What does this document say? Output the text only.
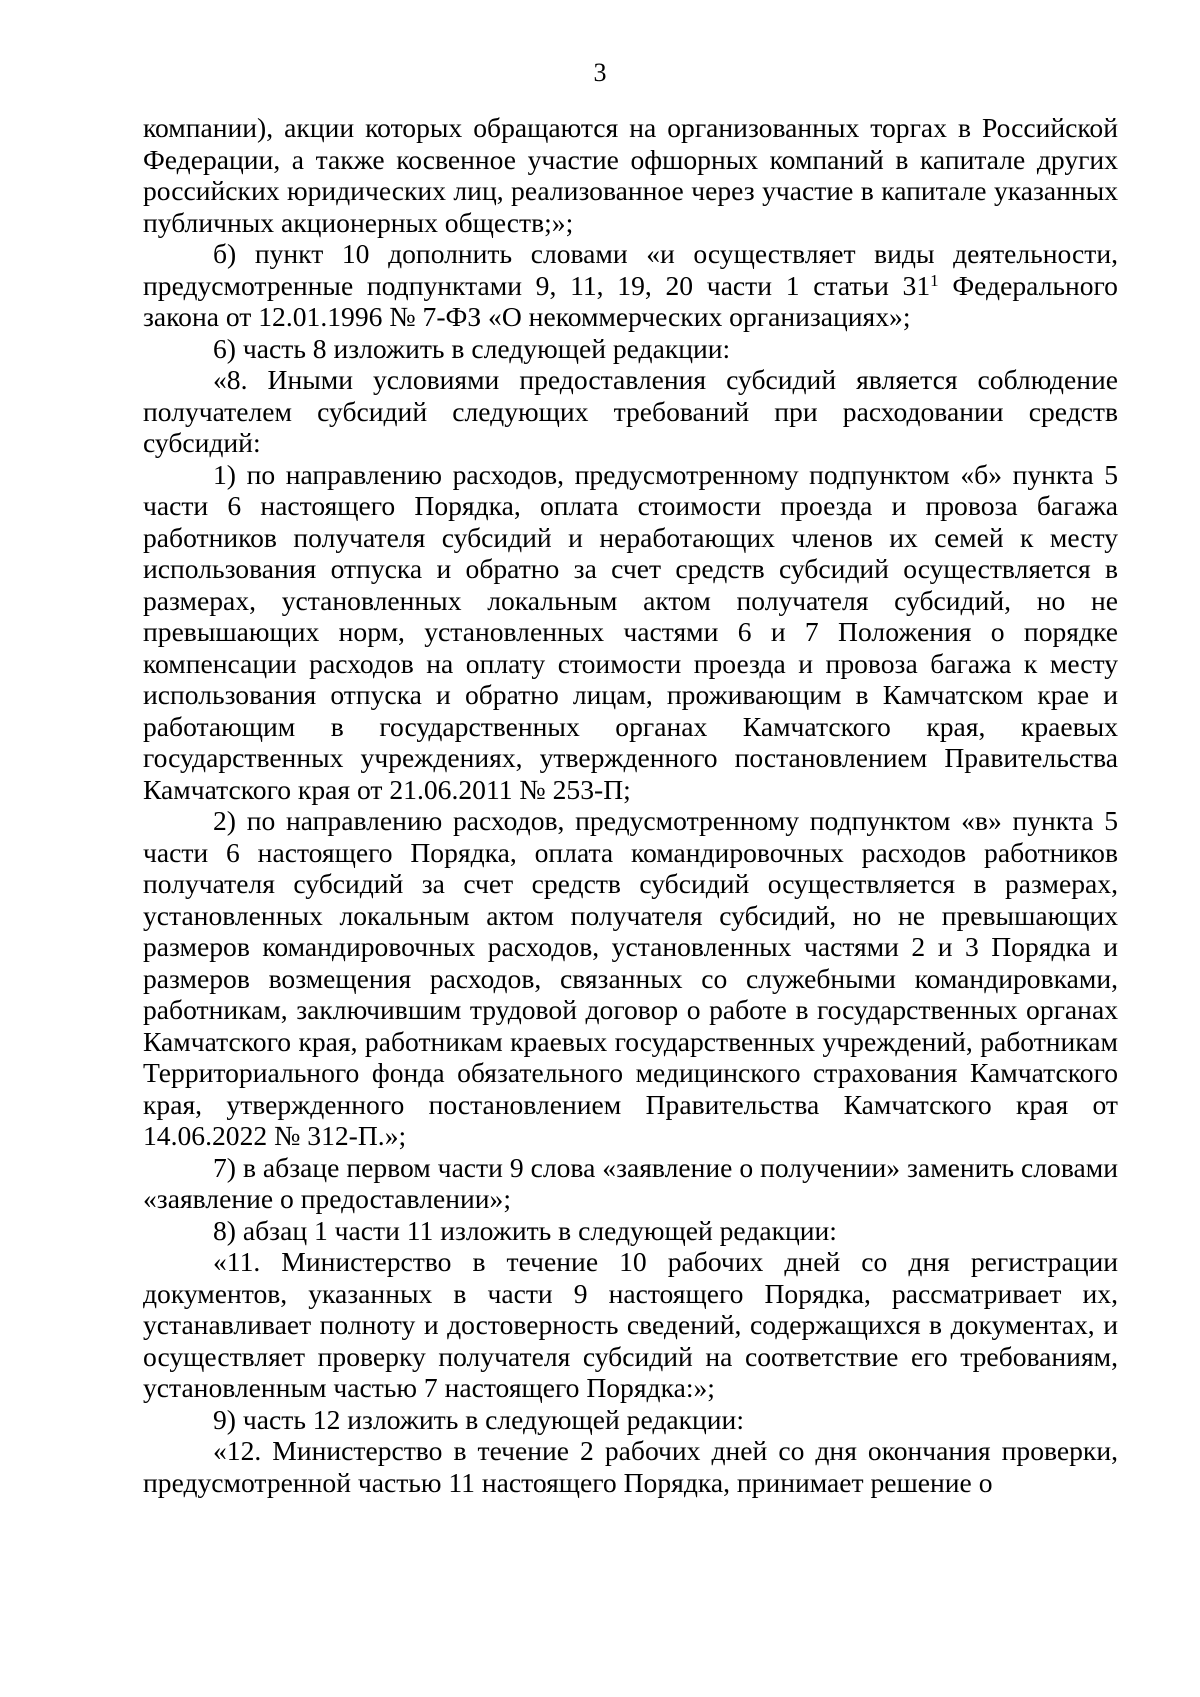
3

компании), акции которых обращаются на организованных торгах в Российской Федерации, а также косвенное участие офшорных компаний в капитале других российских юридических лиц, реализованное через участие в капитале указанных публичных акционерных обществ;»;

б) пункт 10 дополнить словами «и осуществляет виды деятельности, предусмотренные подпунктами 9, 11, 19, 20 части 1 статьи $31^1$ Федерального закона от 12.01.1996 № 7-ФЗ «О некоммерческих организациях»;

6) часть 8 изложить в следующей редакции:

«8. Иными условиями предоставления субсидий является соблюдение получателем субсидий следующих требований при расходовании средств субсидий:

1) по направлению расходов, предусмотренному подпунктом «б» пункта 5 части 6 настоящего Порядка, оплата стоимости проезда и провоза багажа работников получателя субсидий и неработающих членов их семей к месту использования отпуска и обратно за счет средств субсидий осуществляется в размерах, установленных локальным актом получателя субсидий, но не превышающих норм, установленных частями 6 и 7 Положения о порядке компенсации расходов на оплату стоимости проезда и провоза багажа к месту использования отпуска и обратно лицам, проживающим в Камчатском крае и работающим в государственных органах Камчатского края, краевых государственных учреждениях, утвержденного постановлением Правительства Камчатского края от 21.06.2011 № 253-П;

2) по направлению расходов, предусмотренному подпунктом «в» пункта 5 части 6 настоящего Порядка, оплата командировочных расходов работников получателя субсидий за счет средств субсидий осуществляется в размерах, установленных локальным актом получателя субсидий, но не превышающих размеров командировочных расходов, установленных частями 2 и 3 Порядка и размеров возмещения расходов, связанных со служебными командировками, работникам, заключившим трудовой договор о работе в государственных органах Камчатского края, работникам краевых государственных учреждений, работникам Территориального фонда обязательного медицинского страхования Камчатского края, утвержденного постановлением Правительства Камчатского края от 14.06.2022 № 312-П.»;

7) в абзаце первом части 9 слова «заявление о получении» заменить словами «заявление о предоставлении»;

8) абзац 1 части 11 изложить в следующей редакции:

«11. Министерство в течение 10 рабочих дней со дня регистрации документов, указанных в части 9 настоящего Порядка, рассматривает их, устанавливает полноту и достоверность сведений, содержащихся в документах, и осуществляет проверку получателя субсидий на соответствие его требованиям, установленным частью 7 настоящего Порядка:»;

9) часть 12 изложить в следующей редакции:

«12. Министерство в течение 2 рабочих дней со дня окончания проверки, предусмотренной частью 11 настоящего Порядка, принимает решение о
